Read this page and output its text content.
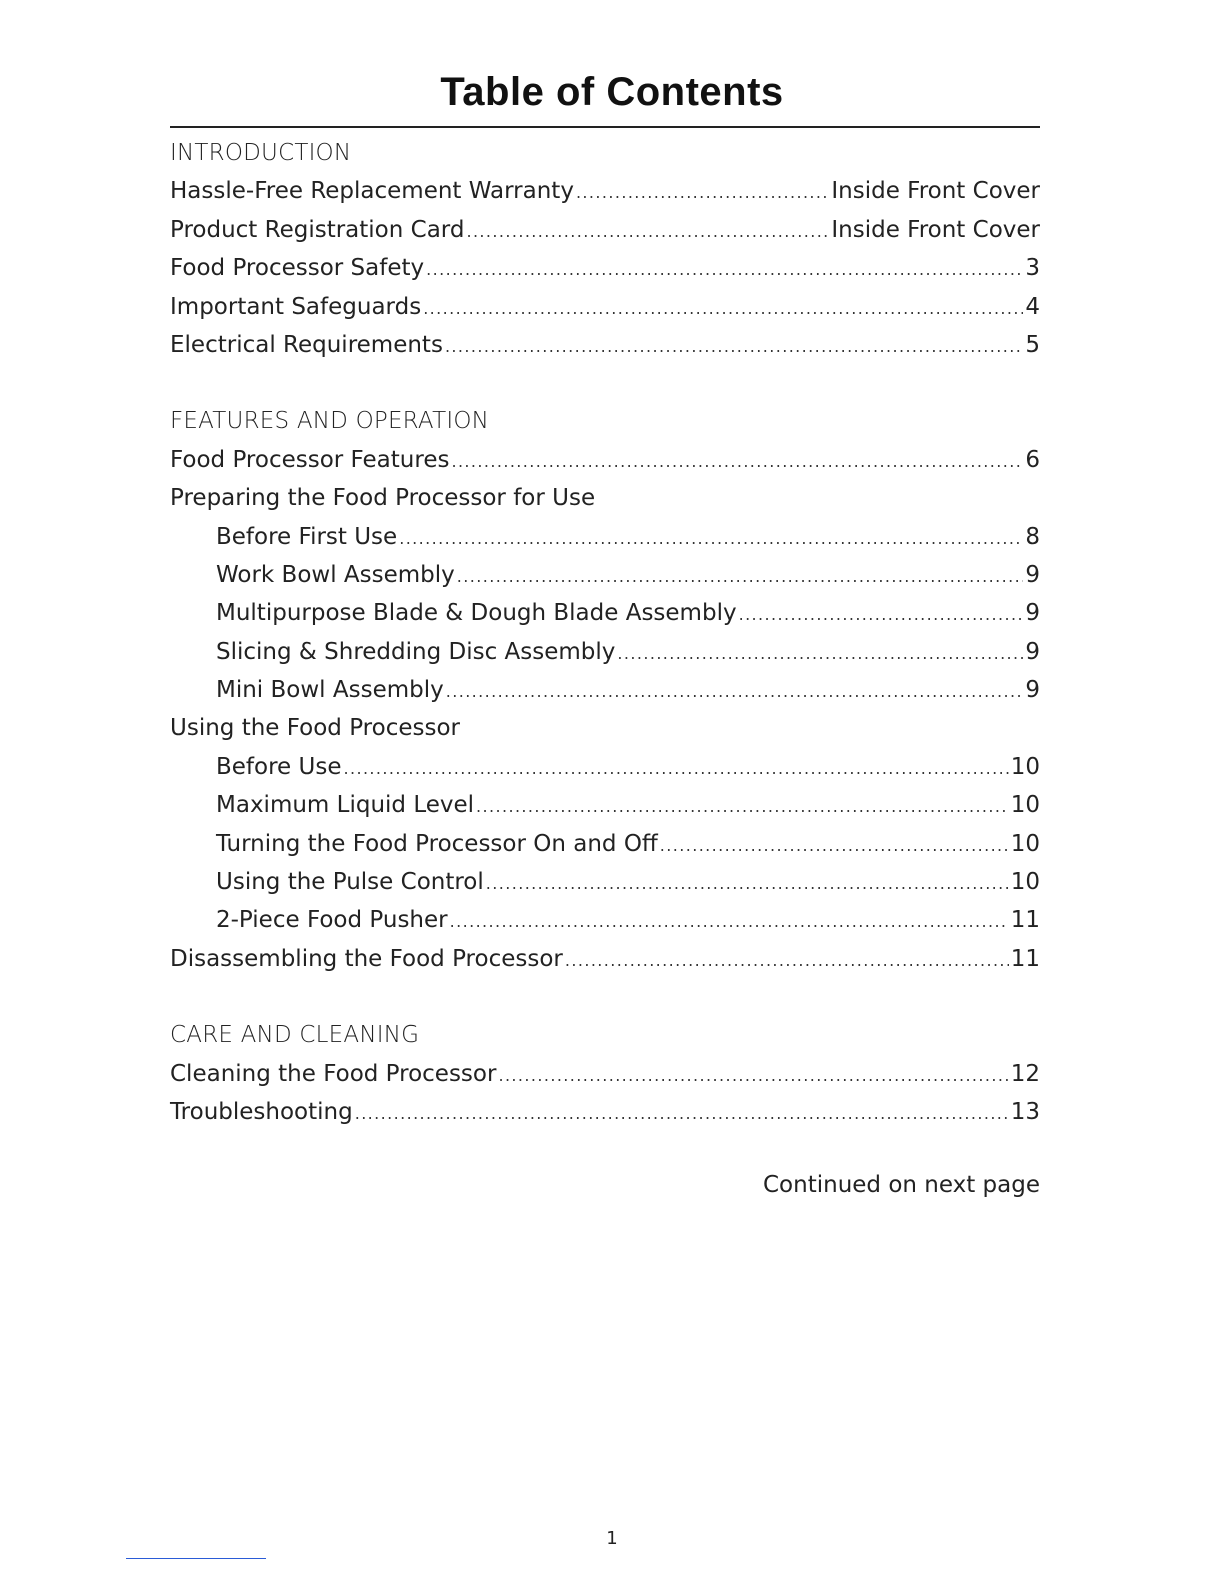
Table of Contents
INTRODUCTION
Hassle-Free Replacement Warranty .....	Inside Front Cover
Product Registration Card .....	Inside Front Cover
Food Processor Safety .....	3
Important Safeguards .....	4
Electrical Requirements .....	5
FEATURES AND OPERATION
Food Processor Features .....	6
Preparing the Food Processor for Use
Before First Use .....	8
Work Bowl Assembly .....	9
Multipurpose Blade & Dough Blade Assembly .....	9
Slicing & Shredding Disc Assembly .....	9
Mini Bowl Assembly .....	9
Using the Food Processor
Before Use .....	10
Maximum Liquid Level .....	10
Turning the Food Processor On and Off .....	10
Using the Pulse Control .....	10
2-Piece Food Pusher .....	11
Disassembling the Food Processor .....	11
CARE AND CLEANING
Cleaning the Food Processor .....	12
Troubleshooting .....	13
Continued on next page
1
